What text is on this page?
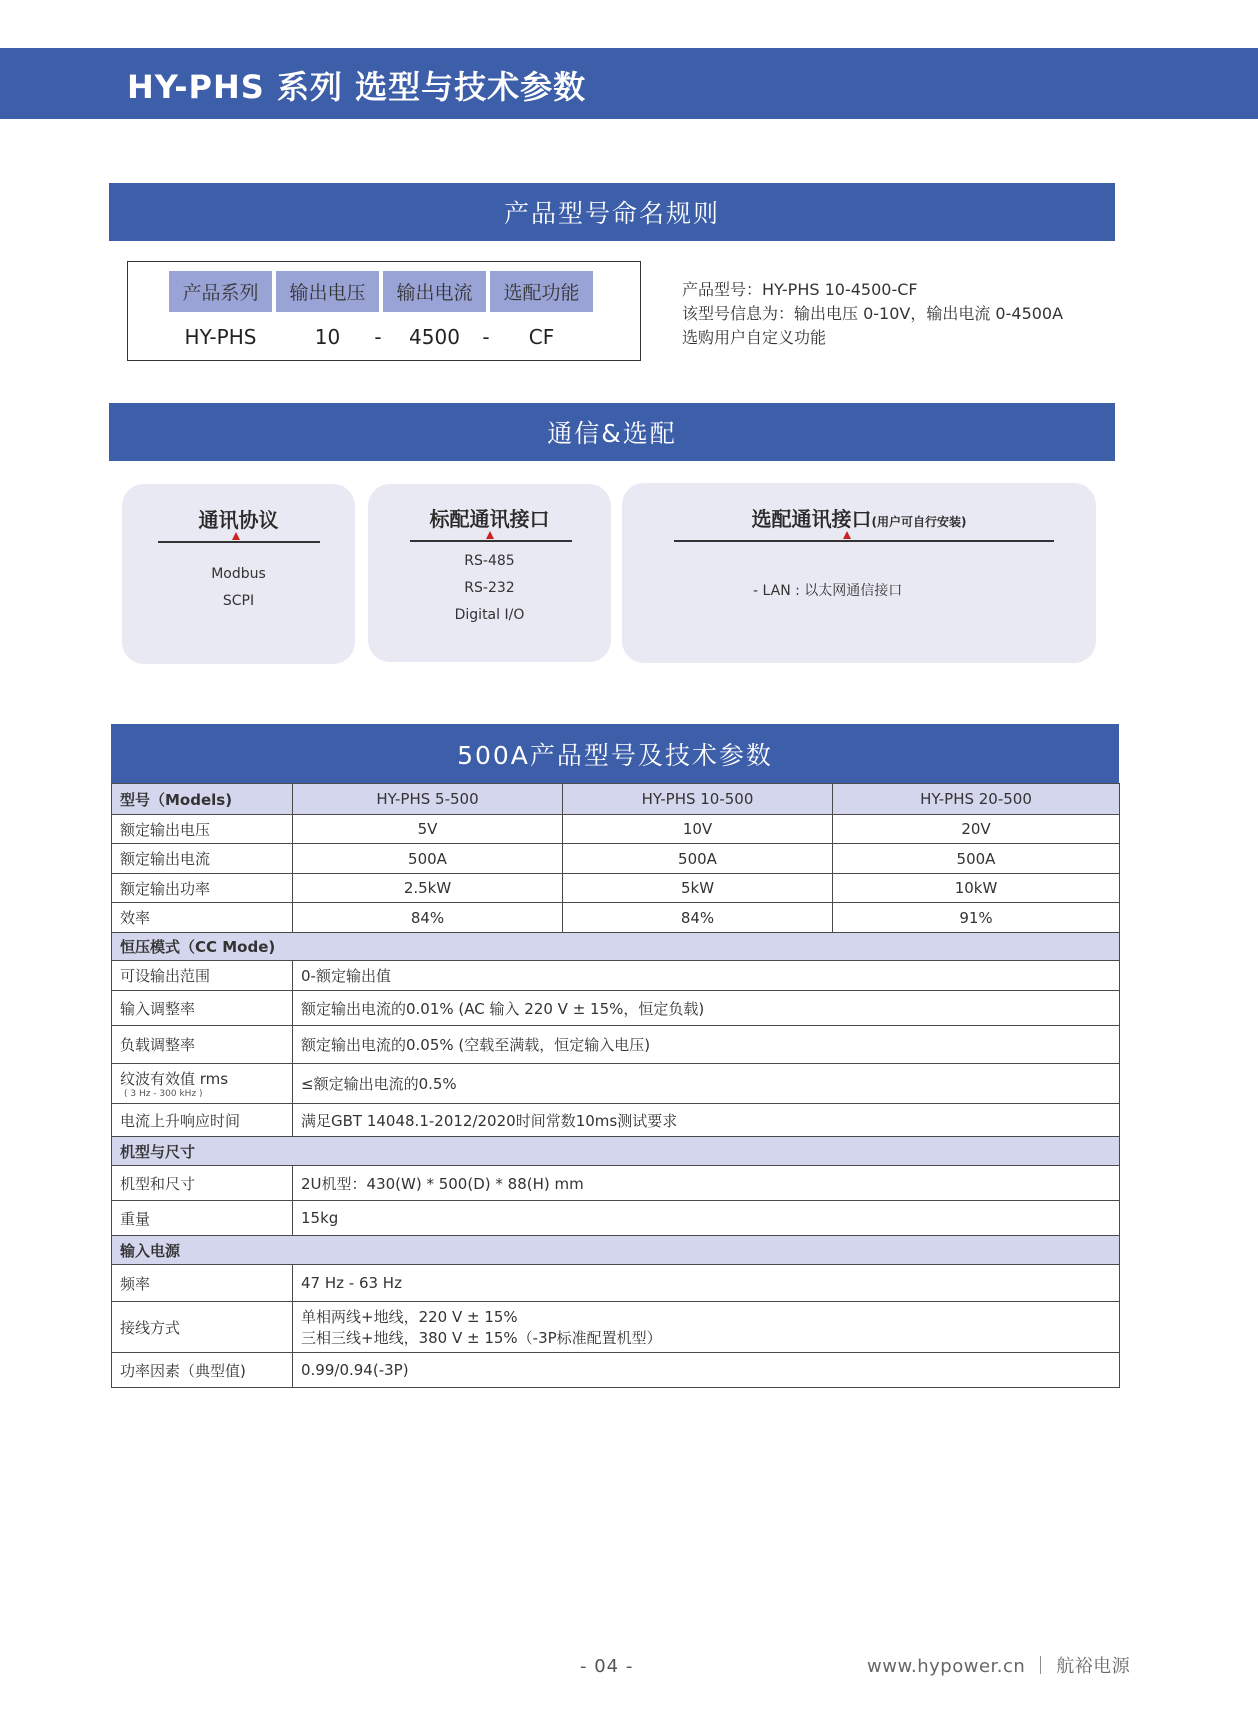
HY-PHS 系列 选型与技术参数
产品型号命名规则
产品系列	输出电压	输出电流	选配功能
HY-PHS	10	-	4500	-	CF
产品型号：HY-PHS 10-4500-CF
该型号信息为：输出电压 0-10V，输出电流 0-4500A
选购用户自定义功能
通信&选配
通讯协议
Modbus
SCPI
标配通讯接口
RS-485
RS-232
Digital I/O
选配通讯接口(用户可自行安装)
- LAN : 以太网通信接口
500A产品型号及技术参数
型号（Models)	HY-PHS 5-500	HY-PHS 10-500	HY-PHS 20-500
额定输出电压	5V	10V	20V
额定输出电流	500A	500A	500A
额定输出功率	2.5kW	5kW	10kW
效率	84%	84%	91%
恒压模式（CC Mode)			
可设输出范围	0-额定输出值		
输入调整率	额定输出电流的0.01% (AC 输入 220 V ± 15%，恒定负载)		
负载调整率	额定输出电流的0.05% (空载至满载，恒定输入电压)		
纹波有效值 rms
( 3 Hz - 300 kHz )	≤额定输出电流的0.5%		
电流上升响应时间	满足GBT 14048.1-2012/2020时间常数10ms测试要求		
机型与尺寸			
机型和尺寸	2U机型：430(W) * 500(D) * 88(H) mm		
重量	15kg		
输入电源			
频率	47 Hz - 63 Hz		
接线方式	单相两线+地线，220 V ± 15%
三相三线+地线，380 V ± 15%（-3P标准配置机型）		

功率因素（典型值)	0.99/0.94(-3P)		
- 04 -	www.hypower.cn ｜ 航裕电源
